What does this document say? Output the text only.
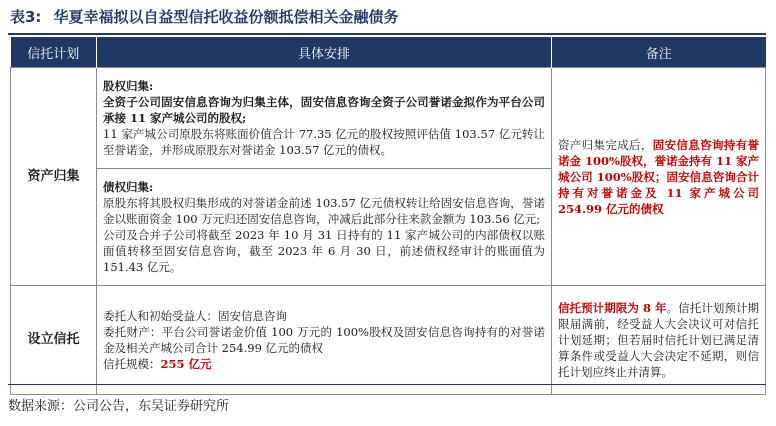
表3: 华夏幸福拟以自益型信托收益份额抵偿相关金融债务
信托计划	具体安排	备注
资产归集	股权归集:
全资子公司固安信息咨询为归集主体，固安信息咨询全资子公司誉诺金拟作为平台公司承接 11 家产城公司的股权;
11 家产城公司原股东将账面价值合计 77.35 亿元的股权按照评估值 103.57 亿元转让至誉诺金，并形成原股东对誉诺金 103.57 亿元的债权。	资产归集完成后，固安信息咨询持有誉诺金 100%股权，誉诺金持有 11 家产城公司 100%股权；固安信息咨询合计持有对誉诺金及 11 家产城公司 254.99 亿元的债权

	债权归集:
原股东将其股权归集形成的对誉诺金前述 103.57 亿元债权转让给固安信息咨询，誉诺金以账面资金 100 万元归还固安信息咨询，冲减后此部分往来款金额为 103.56 亿元;
公司及合并子公司将截至 2023 年 10 月 31 日持有的 11 家产城公司的内部债权以账面值转移至固安信息咨询，截至 2023 年 6 月 30 日，前述债权经审计的账面值为 151.43 亿元。	

设立信托	委托人和初始受益人：固安信息咨询
委托财产：平台公司誉诺金价值 100 万元的 100%股权及固安信息咨询持有的对誉诺金及相关产城公司合计 254.99 亿元的债权
信托规模：255 亿元	信托预计期限为 8 年。信托计划预计期限届满前，经受益人大会决议可对信托计划延期；但若届时信托计划已满足清算条件或受益人大会决定不延期，则信托计划应终止并清算。
数据来源：公司公告，东吴证券研究所
